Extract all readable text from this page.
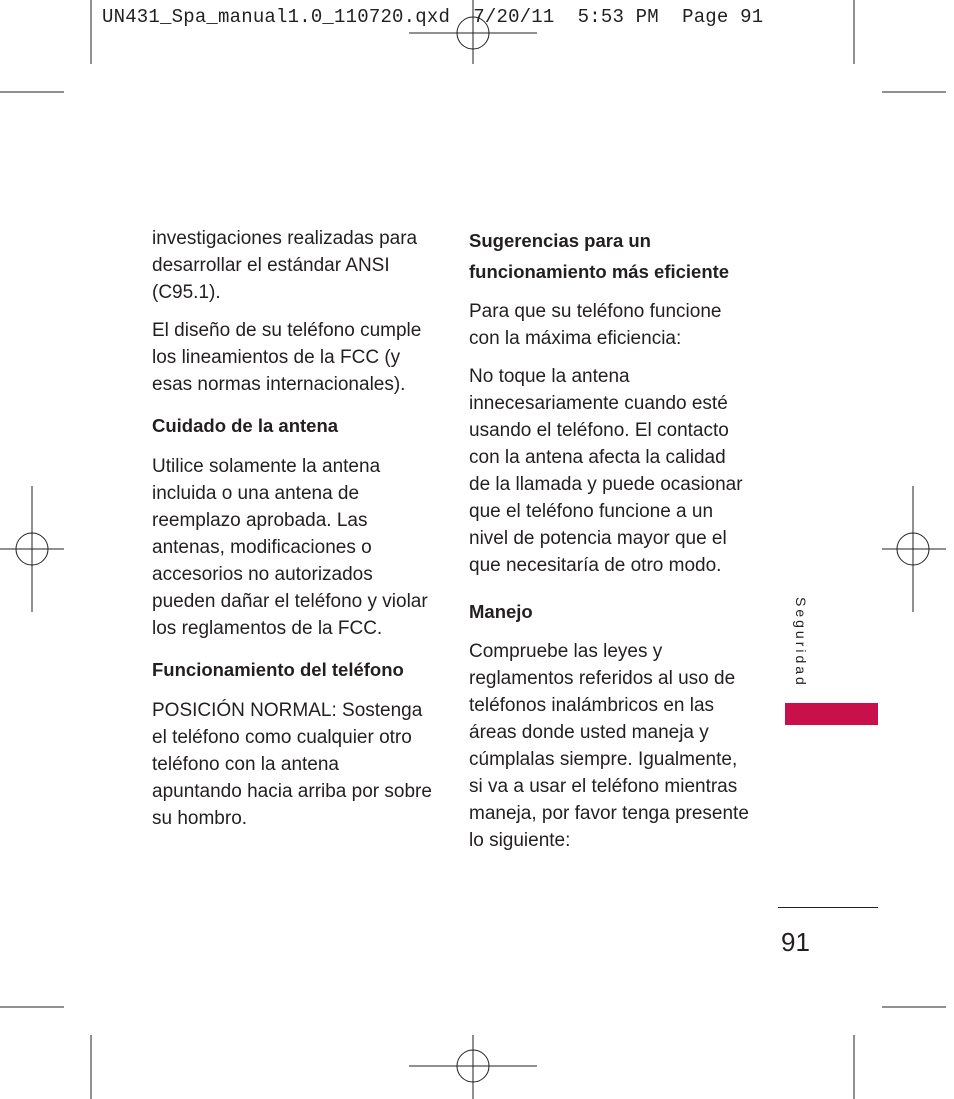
UN431_Spa_manual1.0_110720.qxd  7/20/11  5:53 PM  Page 91

investigaciones realizadas para desarrollar el estándar ANSI (C95.1).

El diseño de su teléfono cumple los lineamientos de la FCC (y esas normas internacionales).

Cuidado de la antena

Utilice solamente la antena incluida o una antena de reemplazo aprobada. Las antenas, modificaciones o accesorios no autorizados pueden dañar el teléfono y violar los reglamentos de la FCC.

Funcionamiento del teléfono

POSICIÓN NORMAL: Sostenga el teléfono como cualquier otro teléfono con la antena apuntando hacia arriba por sobre su hombro.

Sugerencias para un funcionamiento más eficiente

Para que su teléfono funcione con la máxima eficiencia:

No toque la antena innecesariamente cuando esté usando el teléfono. El contacto con la antena afecta la calidad de la llamada y puede ocasionar que el teléfono funcione a un nivel de potencia mayor que el que necesitaría de otro modo.

Manejo

Compruebe las leyes y reglamentos referidos al uso de teléfonos inalámbricos en las áreas donde usted maneja y cúmplalas siempre. Igualmente, si va a usar el teléfono mientras maneja, por favor tenga presente lo siguiente:

Seguridad
91
